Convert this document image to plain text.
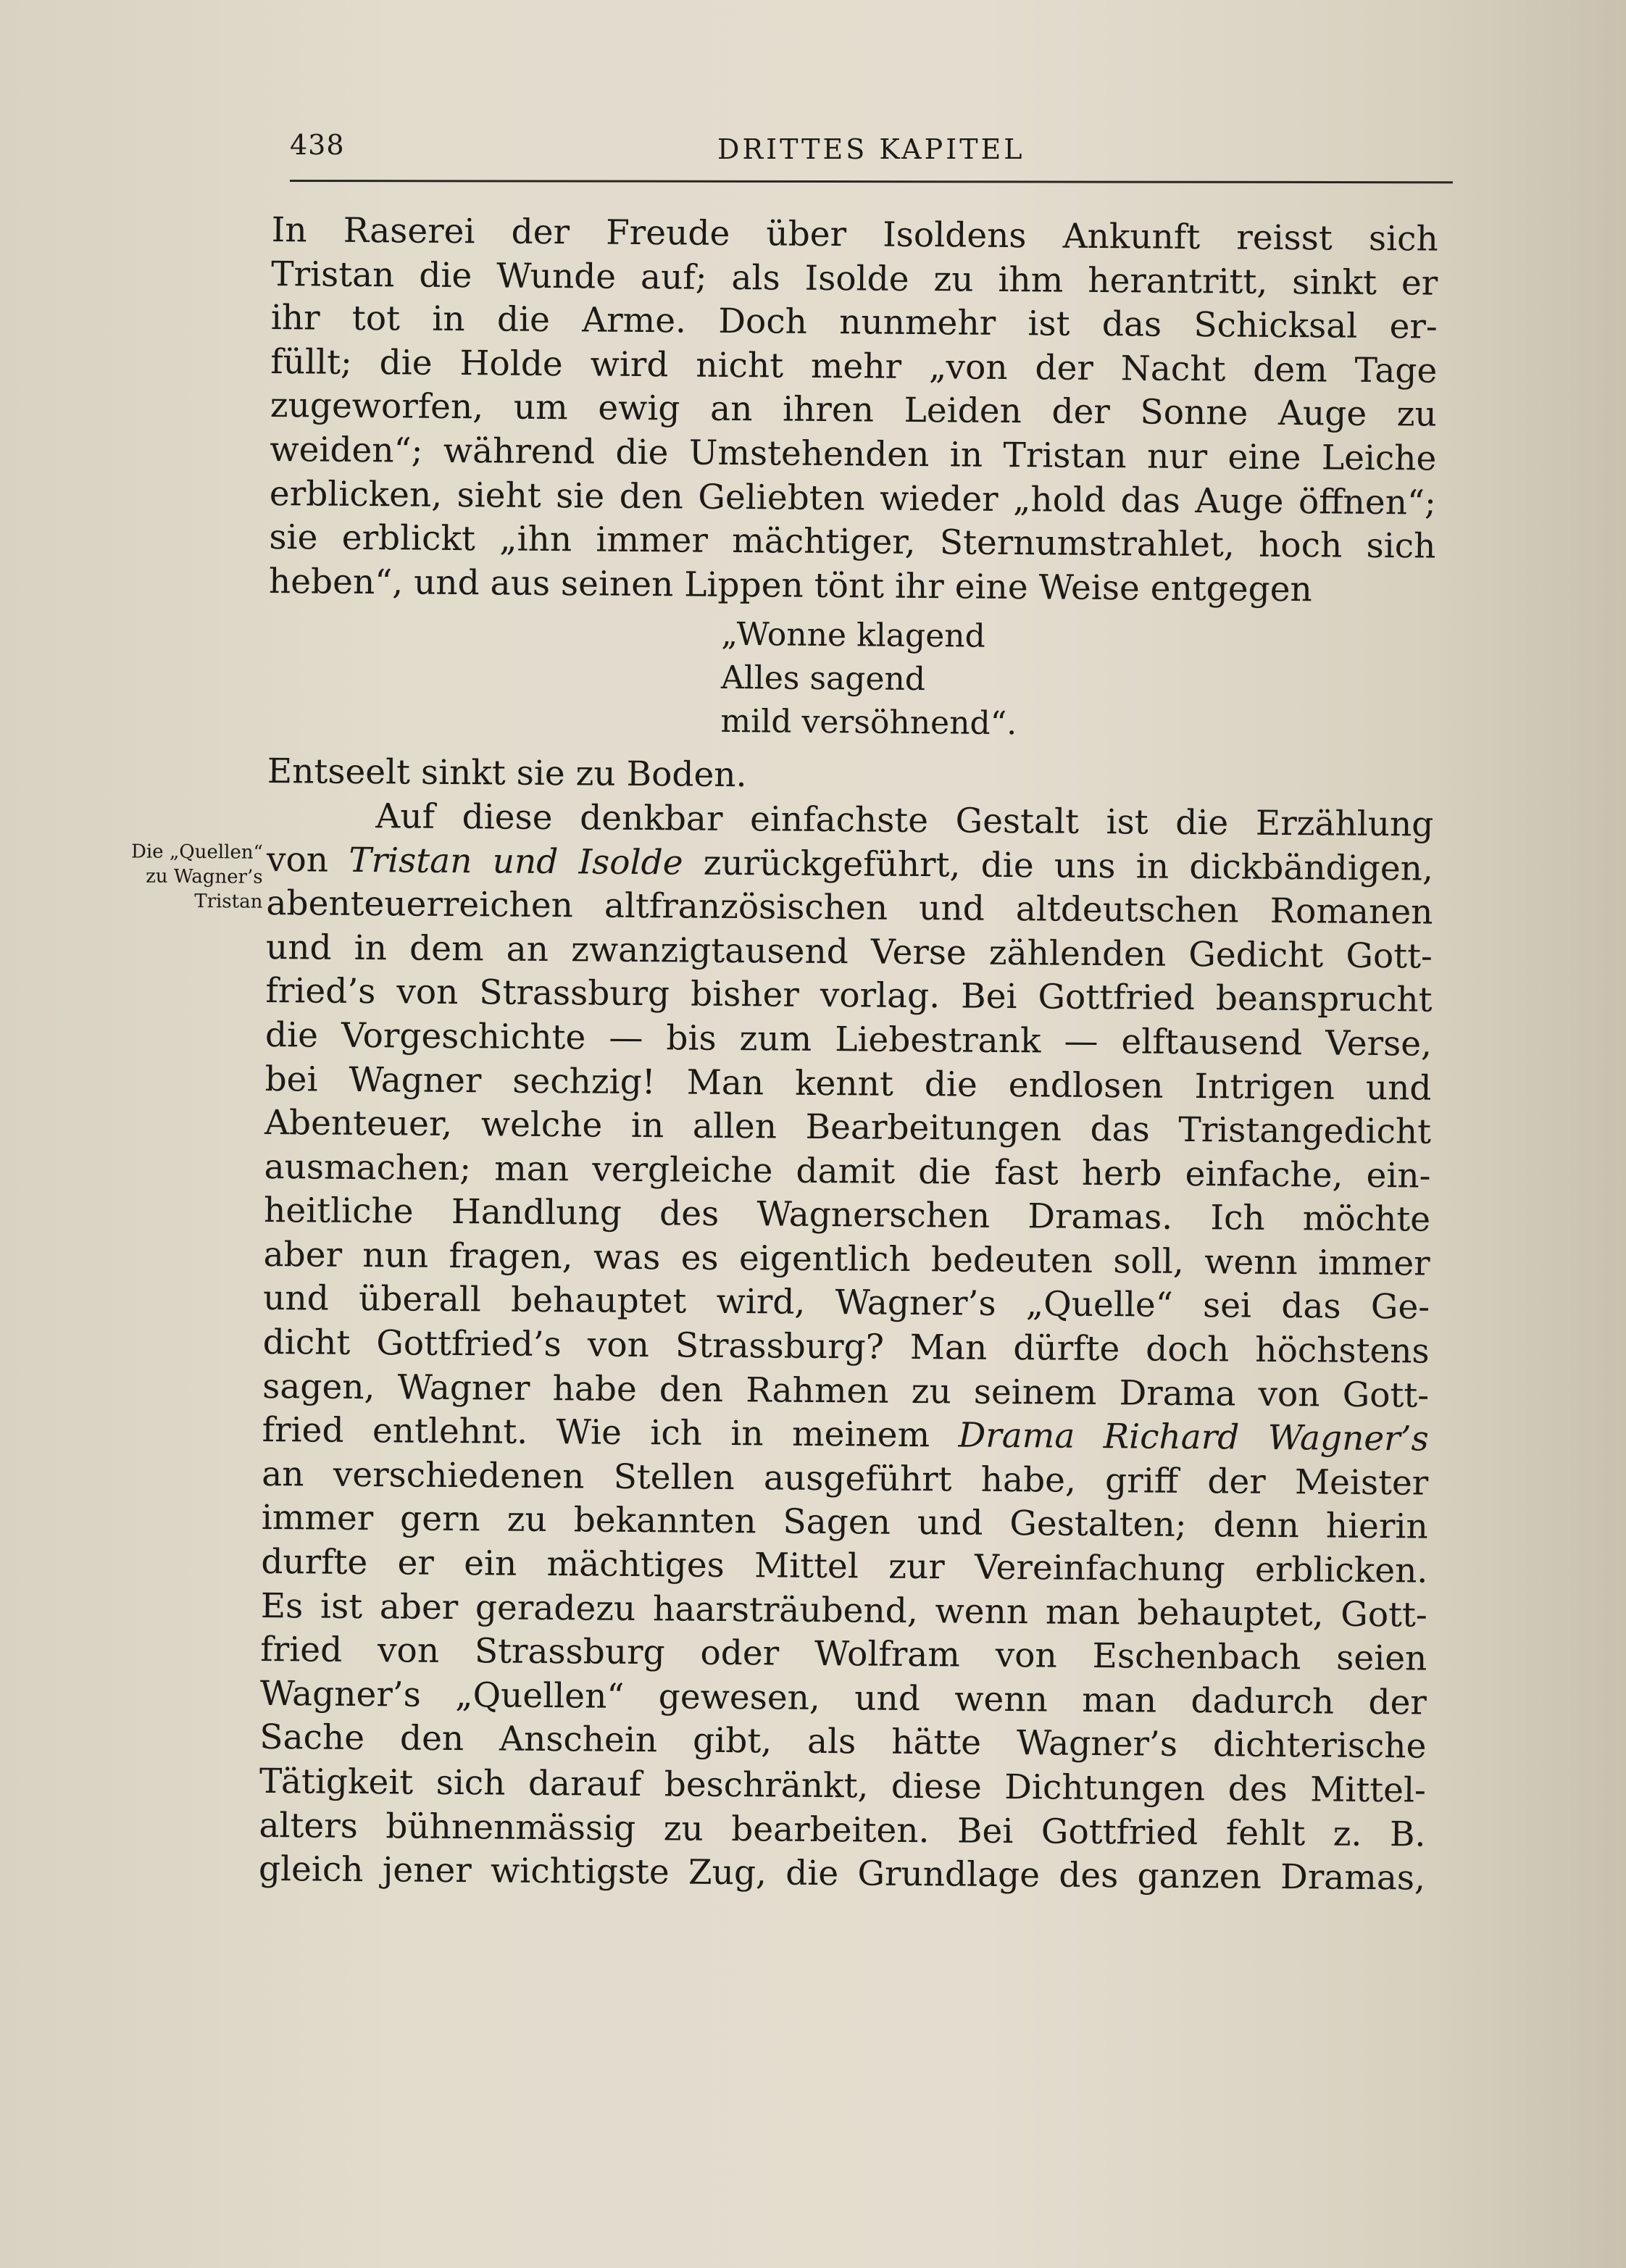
438	DRITTES KAPITEL
Die „Quellen“
zu Wagner’s
Tristan
In Raserei der Freude über Isoldens Ankunft reisst sich
Tristan die Wunde auf; als Isolde zu ihm herantritt, sinkt er
ihr tot in die Arme. Doch nunmehr ist das Schicksal er-
füllt; die Holde wird nicht mehr „von der Nacht dem Tage
zugeworfen, um ewig an ihren Leiden der Sonne Auge zu
weiden“; während die Umstehenden in Tristan nur eine Leiche
erblicken, sieht sie den Geliebten wieder „hold das Auge öffnen“;
sie erblickt „ihn immer mächtiger, Sternumstrahlet, hoch sich
heben“, und aus seinen Lippen tönt ihr eine Weise entgegen
„Wonne klagend
Alles sagend
mild versöhnend“.
Entseelt sinkt sie zu Boden.
Auf diese denkbar einfachste Gestalt ist die Erzählung
von Tristan und Isolde zurückgeführt, die uns in dickbändigen,
abenteuerreichen altfranzösischen und altdeutschen Romanen
und in dem an zwanzigtausend Verse zählenden Gedicht Gott-
fried’s von Strassburg bisher vorlag. Bei Gottfried beansprucht
die Vorgeschichte — bis zum Liebestrank — elftausend Verse,
bei Wagner sechzig! Man kennt die endlosen Intrigen und
Abenteuer, welche in allen Bearbeitungen das Tristangedicht
ausmachen; man vergleiche damit die fast herb einfache, ein-
heitliche Handlung des Wagnerschen Dramas. Ich möchte
aber nun fragen, was es eigentlich bedeuten soll, wenn immer
und überall behauptet wird, Wagner’s „Quelle“ sei das Ge-
dicht Gottfried’s von Strassburg? Man dürfte doch höchstens
sagen, Wagner habe den Rahmen zu seinem Drama von Gott-
fried entlehnt. Wie ich in meinem Drama Richard Wagner’s
an verschiedenen Stellen ausgeführt habe, griff der Meister
immer gern zu bekannten Sagen und Gestalten; denn hierin
durfte er ein mächtiges Mittel zur Vereinfachung erblicken.
Es ist aber geradezu haarsträubend, wenn man behauptet, Gott-
fried von Strassburg oder Wolfram von Eschenbach seien
Wagner’s „Quellen“ gewesen, und wenn man dadurch der
Sache den Anschein gibt, als hätte Wagner’s dichterische
Tätigkeit sich darauf beschränkt, diese Dichtungen des Mittel-
alters bühnenmässig zu bearbeiten. Bei Gottfried fehlt z. B.
gleich jener wichtigste Zug, die Grundlage des ganzen Dramas,
